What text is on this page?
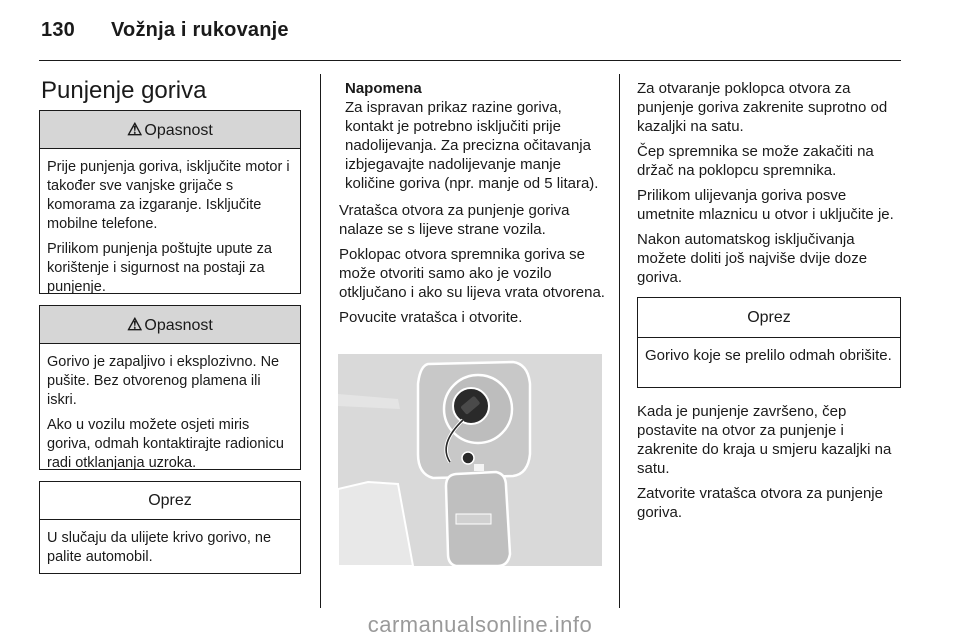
130 Vožnja i rukovanje
Punjenje goriva
⚠ Opasnost

Prije punjenja goriva, isključite motor i također sve vanjske grijače s komorama za izgaranje. Isključite mobilne telefone.

Prilikom punjenja poštujte upute za korištenje i sigurnost na postaji za punjenje.

⚠ Opasnost

Gorivo je zapaljivo i eksplozivno. Ne pušite. Bez otvorenog plamena ili iskri.

Ako u vozilu možete osjeti miris goriva, odmah kontaktirajte radionicu radi otklanjanja uzroka.

Oprez

U slučaju da ulijete krivo gorivo, ne palite automobil.

Napomena
Za ispravan prikaz razine goriva, kontakt je potrebno isključiti prije nadolijevanja. Za precizna očitavanja izbjegavajte nadolijevanje manje količine goriva (npr. manje od 5 litara).

Vratašca otvora za punjenje goriva nalaze se s lijeve strane vozila.

Poklopac otvora spremnika goriva se može otvoriti samo ako je vozilo otključano i ako su lijeva vrata otvorena.

Povucite vratašca i otvorite.

Za otvaranje poklopca otvora za punjenje goriva zakrenite suprotno od kazaljki na satu.

Čep spremnika se može zakačiti na držač na poklopcu spremnika.

Prilikom ulijevanja goriva posve umetnite mlaznicu u otvor i uključite je.

Nakon automatskog isključivanja možete doliti još najviše dvije doze goriva.

Oprez

Gorivo koje se prelilo odmah obrišite.

Kada je punjenje završeno, čep postavite na otvor za punjenje i zakrenite do kraja u smjeru kazaljki na satu.

Zatvorite vratašca otvora za punjenje goriva.

carmanualsonline.info
